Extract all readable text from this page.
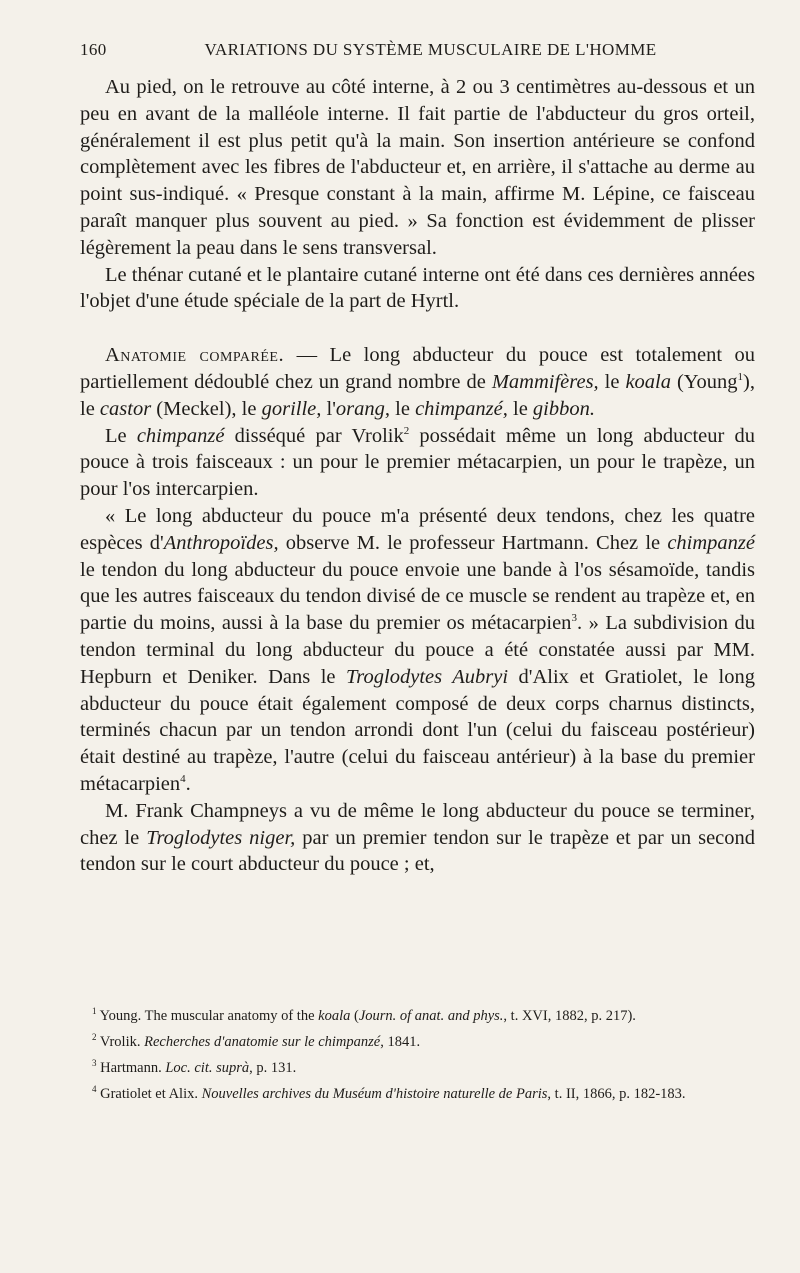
160	VARIATIONS DU SYSTÈME MUSCULAIRE DE L'HOMME

Au pied, on le retrouve au côté interne, à 2 ou 3 centimètres au-dessous et un peu en avant de la malléole interne. Il fait partie de l'abducteur du gros orteil, généralement il est plus petit qu'à la main. Son insertion antérieure se confond complètement avec les fibres de l'abducteur et, en arrière, il s'attache au derme au point sus-indiqué. « Presque constant à la main, affirme M. Lépine, ce faisceau paraît manquer plus souvent au pied. » Sa fonction est évidemment de plisser légèrement la peau dans le sens transversal.

Le thénar cutané et le plantaire cutané interne ont été dans ces dernières années l'objet d'une étude spéciale de la part de Hyrtl.

Anatomie comparée. — Le long abducteur du pouce est totalement ou partiellement dédoublé chez un grand nombre de Mammifères, le koala (Young$^1$), le castor (Meckel), le gorille, l'orang, le chimpanzé, le gibbon.

Le chimpanzé disséqué par Vrolik$^2$ possédait même un long abducteur du pouce à trois faisceaux : un pour le premier métacarpien, un pour le trapèze, un pour l'os intercarpien.

« Le long abducteur du pouce m'a présenté deux tendons, chez les quatre espèces d'Anthropoïdes, observe M. le professeur Hartmann. Chez le chimpanzé le tendon du long abducteur du pouce envoie une bande à l'os sésamoïde, tandis que les autres faisceaux du tendon divisé de ce muscle se rendent au trapèze et, en partie du moins, aussi à la base du premier os métacarpien$^3$. » La subdivision du tendon terminal du long abducteur du pouce a été constatée aussi par MM. Hepburn et Deniker. Dans le Troglodytes Aubryi d'Alix et Gratiolet, le long abducteur du pouce était également composé de deux corps charnus distincts, terminés chacun par un tendon arrondi dont l'un (celui du faisceau postérieur) était destiné au trapèze, l'autre (celui du faisceau antérieur) à la base du premier métacarpien$^4$.

M. Frank Champneys a vu de même le long abducteur du pouce se terminer, chez le Troglodytes niger, par un premier tendon sur le trapèze et par un second tendon sur le court abducteur du pouce ; et,

$^1$ Young. The muscular anatomy of the koala (Journ. of anat. and phys., t. XVI, 1882, p. 217).

$^2$ Vrolik. Recherches d'anatomie sur le chimpanzé, 1841.

$^3$ Hartmann. Loc. cit. suprà, p. 131.

$^4$ Gratiolet et Alix. Nouvelles archives du Muséum d'histoire naturelle de Paris, t. II, 1866, p. 182-183.
